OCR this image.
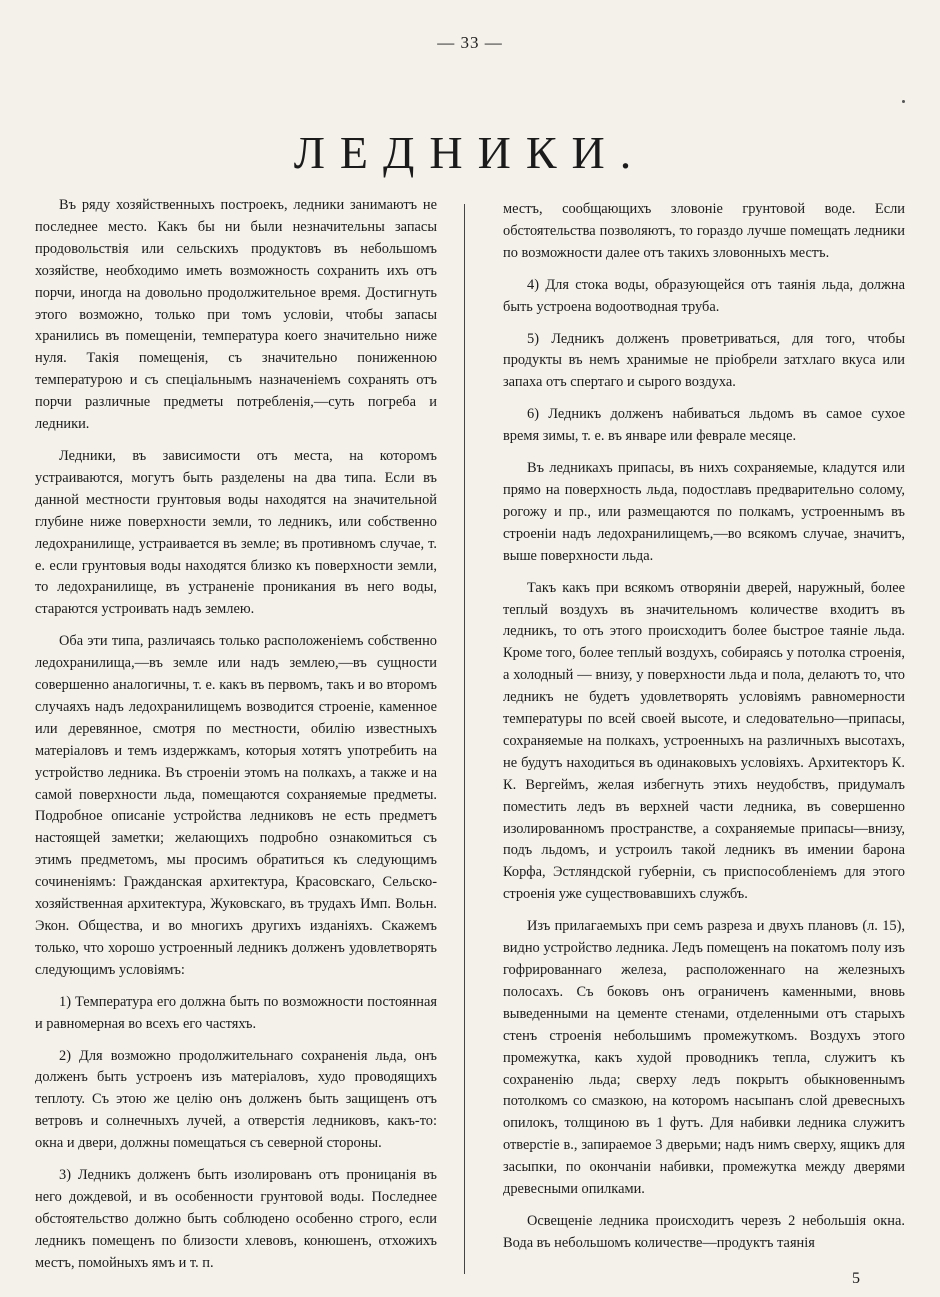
— 33 —
ЛЕДНИКИ.

Въ ряду хозяйственныхъ построекъ, ледники занимаютъ не последнее место. Какъ бы ни были незначительны запасы продовольствія или сельскихъ продуктовъ въ небольшомъ хозяйстве, необходимо иметь возможность сохранить ихъ отъ порчи, иногда на довольно продолжительное время. Достигнуть этого возможно, только при томъ условіи, чтобы запасы хранились въ помещеніи, температура коего значительно ниже нуля. Такія помещенія, съ значительно пониженною температурою и съ спеціальнымъ назначеніемъ сохранять отъ порчи различные предметы потребленія,—суть погреба и ледники.

Ледники, въ зависимости отъ места, на которомъ устраиваются, могутъ быть разделены на два типа. Если въ данной местности грунтовыя воды находятся на значительной глубине ниже поверхности земли, то ледникъ, или собственно ледохранилище, устраивается въ земле; въ противномъ случае, т. е. если грунтовыя воды находятся близко къ поверхности земли, то ледохранилище, въ устраненіе проникания въ него воды, стараются устроивать надъ землею.

Оба эти типа, различаясь только расположеніемъ собственно ледохранилища,—въ земле или надъ землею,—въ сущности совершенно аналогичны, т. е. какъ въ первомъ, такъ и во второмъ случаяхъ надъ ледохранилищемъ возводится строеніе, каменное или деревянное, смотря по местности, обилію известныхъ матеріаловъ и темъ издержкамъ, которыя хотятъ употребить на устройство ледника. Въ строеніи этомъ на полкахъ, а также и на самой поверхности льда, помещаются сохраняемые предметы. Подробное описаніе устройства ледниковъ не есть предметъ настоящей заметки; желающихъ подробно ознакомиться съ этимъ предметомъ, мы просимъ обратиться къ следующимъ сочиненіямъ: Гражданская архитектура, Красовскаго, Сельско-хозяйственная архитектура, Жуковскаго, въ трудахъ Имп. Вольн. Экон. Общества, и во многихъ другихъ изданіяхъ. Скажемъ только, что хорошо устроенный ледникъ долженъ удовлетворять следующимъ условіямъ:

1) Температура его должна быть по возможности постоянная и равномерная во всехъ его частяхъ.

2) Для возможно продолжительнаго сохраненія льда, онъ долженъ быть устроенъ изъ матеріаловъ, худо проводящихъ теплоту. Съ этою же целію онъ долженъ быть защищенъ отъ ветровъ и солнечныхъ лучей, а отверстія ледниковъ, какъ-то: окна и двери, должны помещаться съ северной стороны.

3) Ледникъ долженъ быть изолированъ отъ проницанія въ него дождевой, и въ особенности грунтовой воды. Последнее обстоятельство должно быть соблюдено особенно строго, если ледникъ помещенъ по близости хлевовъ, конюшенъ, отхожихъ местъ, помойныхъ ямъ и т. п.

местъ, сообщающихъ зловоніе грунтовой воде. Если обстоятельства позволяютъ, то гораздо лучше помещать ледники по возможности далее отъ такихъ зловонныхъ местъ.

4) Для стока воды, образующейся отъ таянія льда, должна быть устроена водоотводная труба.

5) Ледникъ долженъ проветриваться, для того, чтобы продукты въ немъ хранимые не пріобрели затхлаго вкуса или запаха отъ спертаго и сырого воздуха.

6) Ледникъ долженъ набиваться льдомъ въ самое сухое время зимы, т. е. въ январе или феврале месяце.

Въ ледникахъ припасы, въ нихъ сохраняемые, кладутся или прямо на поверхность льда, подостлавъ предварительно солому, рогожу и пр., или размещаются по полкамъ, устроеннымъ въ строеніи надъ ледохранилищемъ,—во всякомъ случае, значитъ, выше поверхности льда.

Такъ какъ при всякомъ отворяніи дверей, наружный, более теплый воздухъ въ значительномъ количестве входитъ въ ледникъ, то отъ этого происходитъ более быстрое таяніе льда. Кроме того, более теплый воздухъ, собираясь у потолка строенія, а холодный — внизу, у поверхности льда и пола, делаютъ то, что ледникъ не будетъ удовлетворять условіямъ равномерности температуры по всей своей высоте, и следовательно—припасы, сохраняемые на полкахъ, устроенныхъ на различныхъ высотахъ, не будутъ находиться въ одинаковыхъ условіяхъ. Архитекторъ К. К. Вергеймъ, желая избегнуть этихъ неудобствъ, придумалъ поместить ледъ въ верхней части ледника, въ совершенно изолированномъ пространстве, а сохраняемые припасы—внизу, подъ льдомъ, и устроилъ такой ледникъ въ имении барона Корфа, Эстляндской губерніи, съ приспособленіемъ для этого строенія уже существовавшихъ службъ.

Изъ прилагаемыхъ при семъ разреза и двухъ плановъ (л. 15), видно устройство ледника. Ледъ помещенъ на покатомъ полу изъ гофрированнаго железа, расположеннаго на железныхъ полосахъ. Съ боковъ онъ ограниченъ каменными, вновь выведенными на цементе стенами, отделенными отъ старыхъ стенъ строенія небольшимъ промежуткомъ. Воздухъ этого промежутка, какъ худой проводникъ тепла, служитъ къ сохраненію льда; сверху ледъ покрытъ обыкновеннымъ потолкомъ со смазкою, на которомъ насыпанъ слой древесныхъ опилокъ, толщиною въ 1 футъ. Для набивки ледника служитъ отверстіе в., запираемое 3 дверьми; надъ нимъ сверху, ящикъ для засыпки, по окончаніи набивки, промежутка между дверями древесными опилками.

Освещеніе ледника происходитъ черезъ 2 небольшія окна. Вода въ небольшомъ количестве—продуктъ таянія

5
